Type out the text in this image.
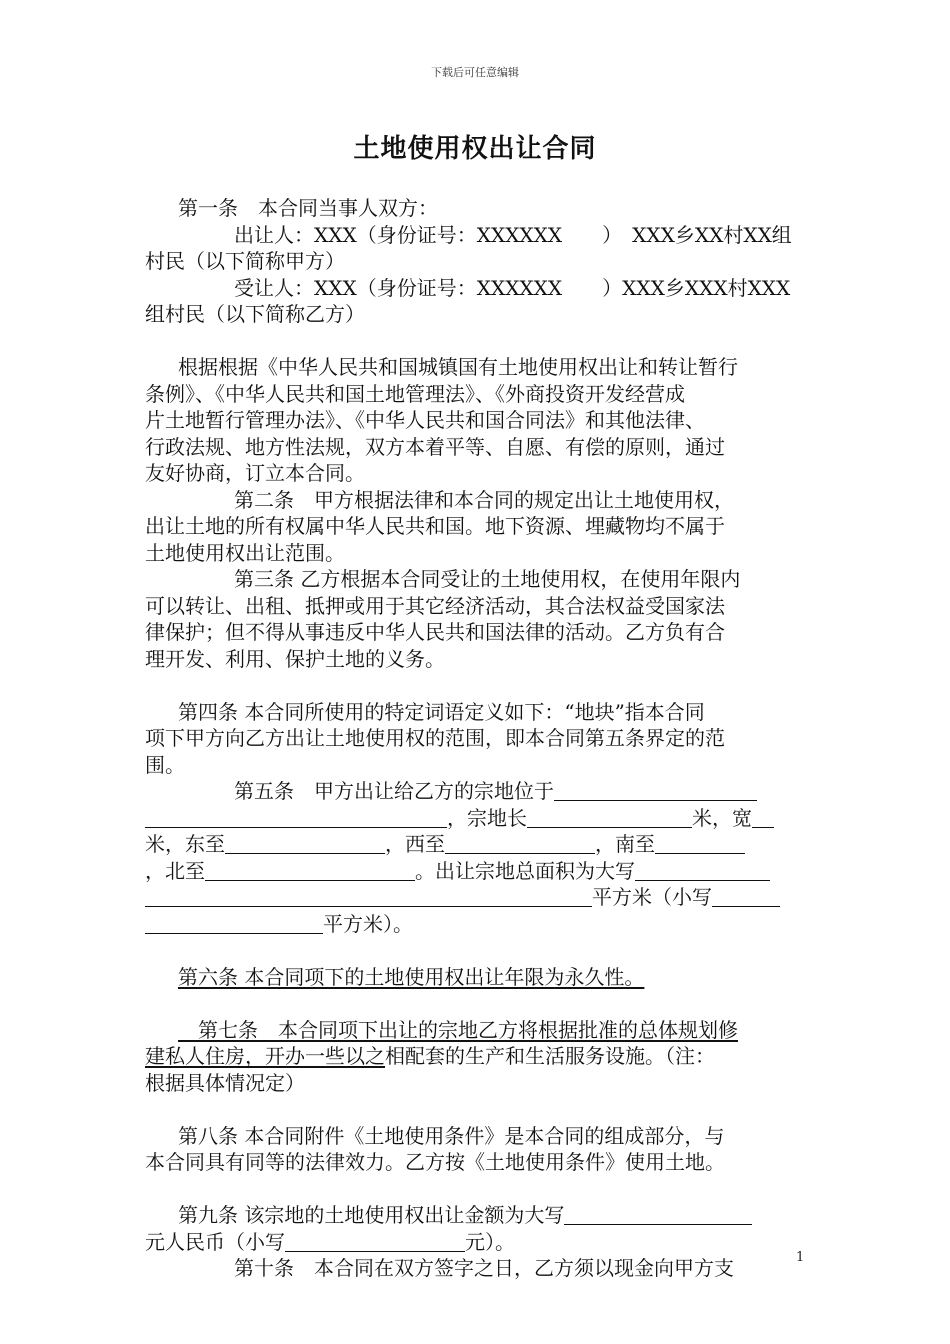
下载后可任意编辑
土地使用权出让合同
第一条　本合同当事人双方：
出让人：XXX（身份证号：XXXXXX　　）　XXX乡XX村XX组
村民（以下简称甲方）
受让人：XXX（身份证号：XXXXXX　　）XXX乡XXX村XXX
组村民（以下简称乙方）
根据根据《中华人民共和国城镇国有土地使用权出让和转让暂行
条例》、《中华人民共和国土地管理法》、《外商投资开发经营成
片土地暂行管理办法》、《中华人民共和国合同法》和其他法律、
行政法规、地方性法规，双方本着平等、自愿、有偿的原则，通过
友好协商，订立本合同。
第二条　甲方根据法律和本合同的规定出让土地使用权，
出让土地的所有权属中华人民共和国。地下资源、埋藏物均不属于
土地使用权出让范围。
第三条 乙方根据本合同受让的土地使用权，在使用年限内
可以转让、出租、抵押或用于其它经济活动，其合法权益受国家法
律保护；但不得从事违反中华人民共和国法律的活动。乙方负有合
理开发、利用、保护土地的义务。
第四条 本合同所使用的特定词语定义如下：“地块”指本合同
项下甲方向乙方出让土地使用权的范围，即本合同第五条界定的范
围。
第五条　甲方出让给乙方的宗地位于
，宗地长	米，宽
米，东至	，西至	，南至
，北至	。出让宗地总面积为大写
平方米（小写
平方米）。
第六条 本合同项下的土地使用权出让年限为永久性。
　第七条　本合同项下出让的宗地乙方将根据批准的总体规划修
建私人住房，开办一些以之相配套的生产和生活服务设施。（注：
根据具体情况定）
第八条 本合同附件《土地使用条件》是本合同的组成部分，与
本合同具有同等的法律效力。乙方按《土地使用条件》使用土地。
第九条 该宗地的土地使用权出让金额为大写
元人民币（小写	元）。
第十条　本合同在双方签字之日，乙方须以现金向甲方支	1
